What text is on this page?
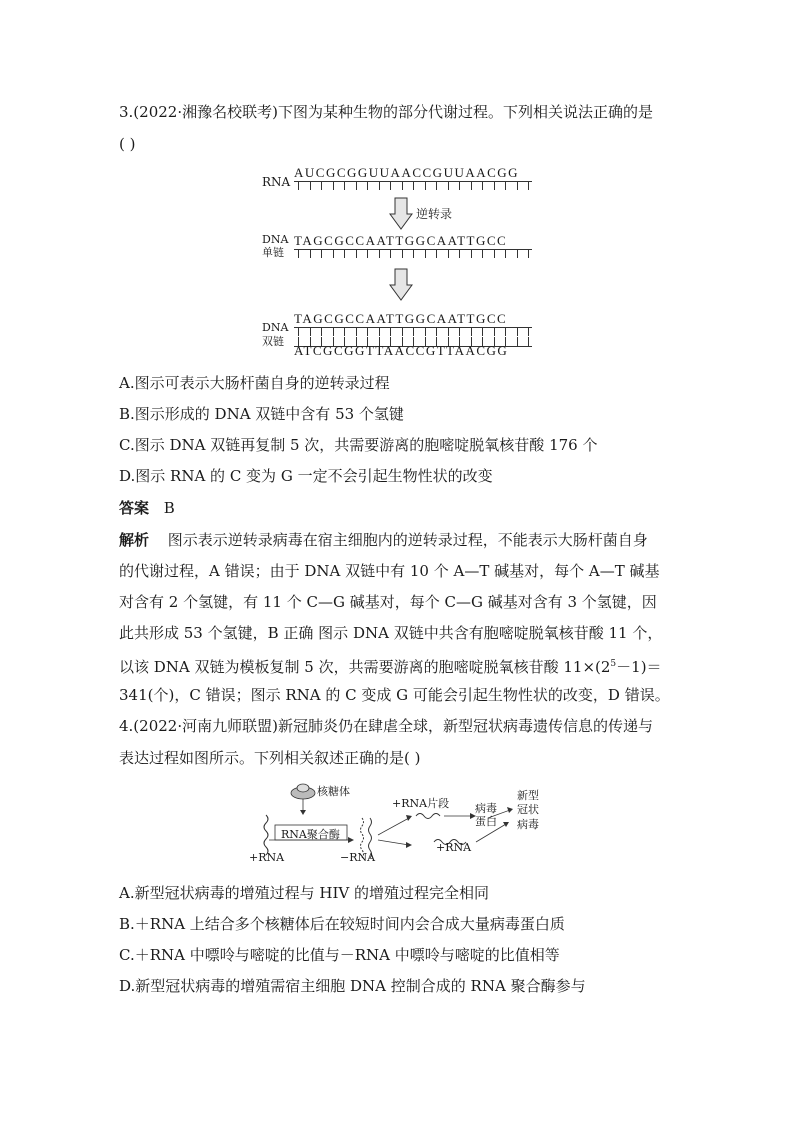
3.(2022·湘豫名校联考)下图为某种生物的部分代谢过程。下列相关说法正确的是
( )
RNA
AUCGCGGUUAACCGUUAACGG
逆转录
DNA
单链
TAGCGCCAATTGGCAATTGCC
TAGCGCCAATTGGCAATTGCC
DNA
双链
ATCGCGGTTAACCGTTAACGG
A.图示可表示大肠杆菌自身的逆转录过程
B.图示形成的 DNA 双链中含有 53 个氢键
C.图示 DNA 双链再复制 5 次，共需要游离的胞嘧啶脱氧核苷酸 176 个
D.图示 RNA 的 C 变为 G 一定不会引起生物性状的改变
答案 B
解析 图示表示逆转录病毒在宿主细胞内的逆转录过程，不能表示大肠杆菌自身
的代谢过程，A 错误；由于 DNA 双链中有 10 个 A—T 碱基对，每个 A—T 碱基
对含有 2 个氢键，有 11 个 C—G 碱基对，每个 C—G 碱基对含有 3 个氢键，因
此共形成 53 个氢键，B 正确 图示 DNA 双链中共含有胞嘧啶脱氧核苷酸 11 个，
以该 DNA 双链为模板复制 5 次，共需要游离的胞嘧啶脱氧核苷酸 $11\times(2^5-1)=$
341(个)，C 错误；图示 RNA 的 C 变成 G 可能会引起生物性状的改变，D 错误。
4.(2022·河南九师联盟)新冠肺炎仍在肆虐全球，新型冠状病毒遗传信息的传递与
表达过程如图所示。下列相关叙述正确的是( )
核糖体
+RNA片段 病毒
蛋白
新型
冠状
病毒
RNA聚合酶
+RNA	−RNA
+RNA
A.新型冠状病毒的增殖过程与 HIV 的增殖过程完全相同
B.＋RNA 上结合多个核糖体后在较短时间内会合成大量病毒蛋白质
C.＋RNA 中嘌呤与嘧啶的比值与－RNA 中嘌呤与嘧啶的比值相等
D.新型冠状病毒的增殖需宿主细胞 DNA 控制合成的 RNA 聚合酶参与
